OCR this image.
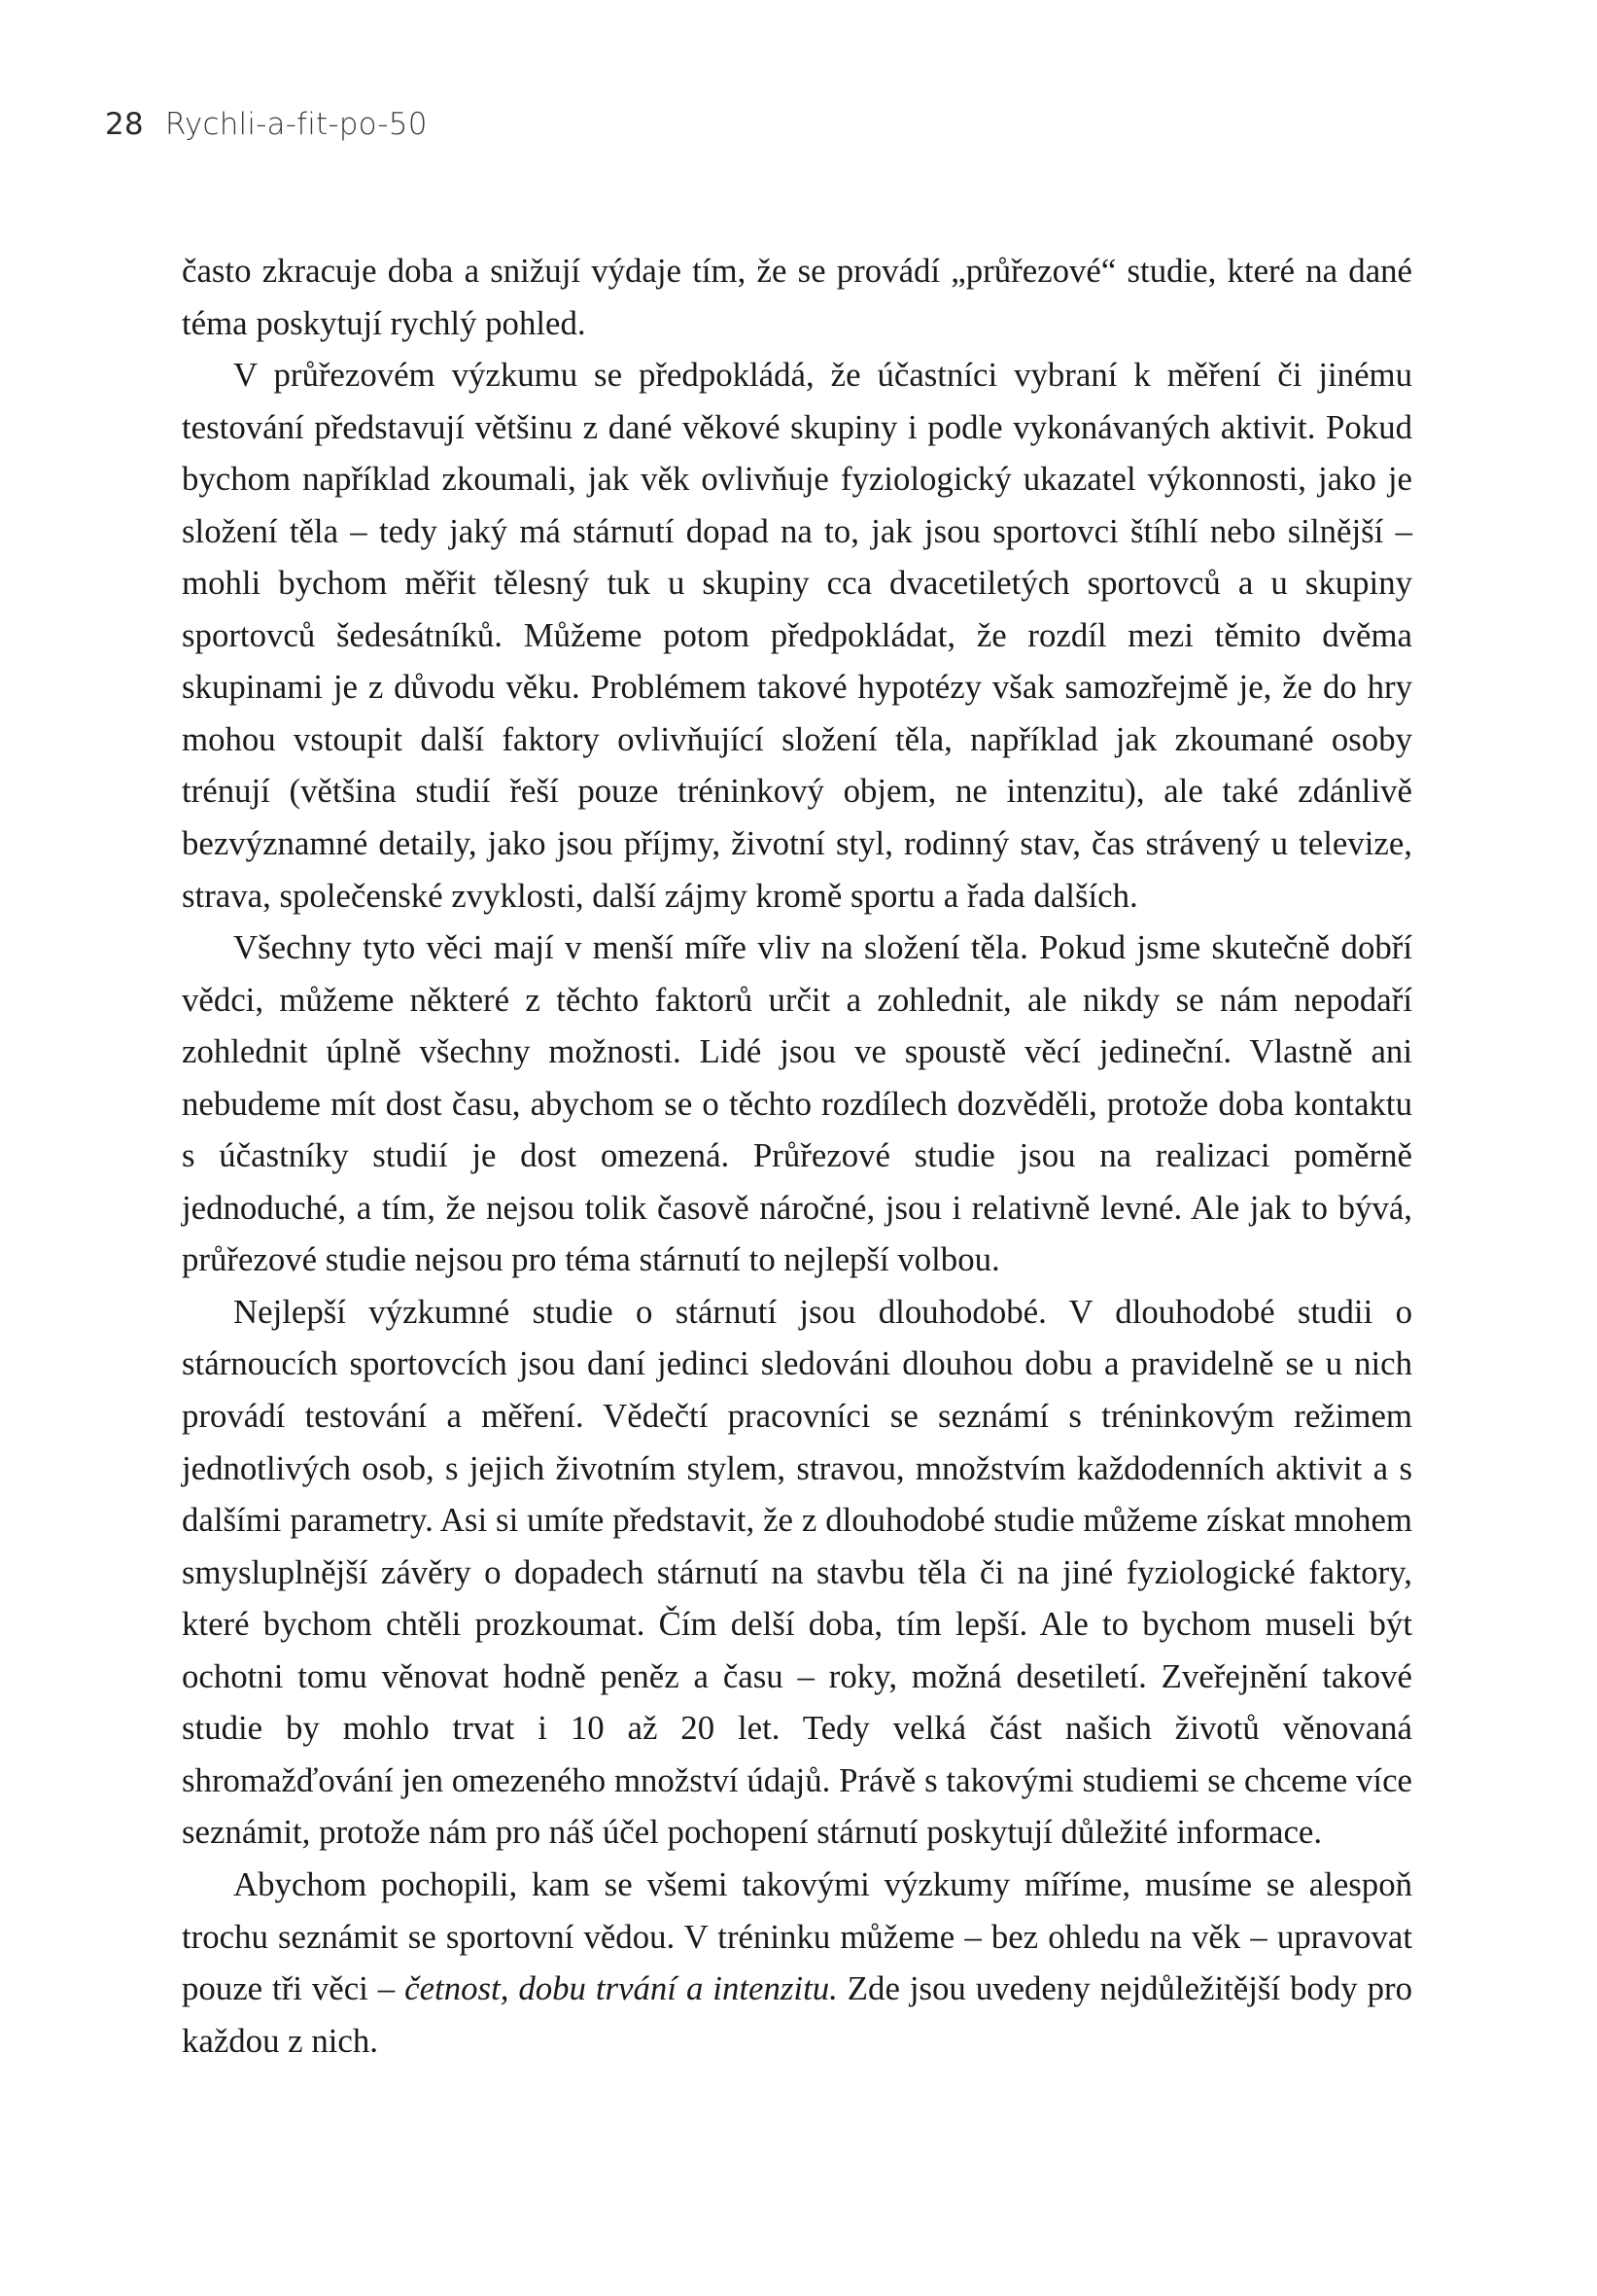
28 Rychli-a-fit-po-50

často zkracuje doba a snižují výdaje tím, že se provádí „průřezové“ studie, které na dané téma poskytují rychlý pohled.

V průřezovém výzkumu se předpokládá, že účastníci vybraní k měření či jinému testování představují většinu z dané věkové skupiny i podle vykonávaných aktivit. Pokud bychom například zkoumali, jak věk ovlivňuje fyziologický ukazatel výkonnosti, jako je složení těla – tedy jaký má stárnutí dopad na to, jak jsou sportovci štíhlí nebo silnější – mohli bychom měřit tělesný tuk u skupiny cca dvacetiletých sportovců a u skupiny sportovců šedesátníků. Můžeme potom předpokládat, že rozdíl mezi těmito dvěma skupinami je z důvodu věku. Problémem takové hypotézy však samozřejmě je, že do hry mohou vstoupit další faktory ovlivňující složení těla, například jak zkoumané osoby trénují (většina studií řeší pouze tréninkový objem, ne intenzitu), ale také zdánlivě bezvýznamné detaily, jako jsou příjmy, životní styl, rodinný stav, čas strávený u televize, strava, společenské zvyklosti, další zájmy kromě sportu a řada dalších.

Všechny tyto věci mají v menší míře vliv na složení těla. Pokud jsme skutečně dobří vědci, můžeme některé z těchto faktorů určit a zohlednit, ale nikdy se nám nepodaří zohlednit úplně všechny možnosti. Lidé jsou ve spoustě věcí jedineční. Vlastně ani nebudeme mít dost času, abychom se o těchto rozdílech dozvěděli, protože doba kontaktu s účastníky studií je dost omezená. Průřezové studie jsou na realizaci poměrně jednoduché, a tím, že nejsou tolik časově náročné, jsou i relativně levné. Ale jak to bývá, průřezové studie nejsou pro téma stárnutí to nejlepší volbou.

Nejlepší výzkumné studie o stárnutí jsou dlouhodobé. V dlouhodobé studii o stárnoucích sportovcích jsou daní jedinci sledováni dlouhou dobu a pravidelně se u nich provádí testování a měření. Vědečtí pracovníci se seznámí s tréninkovým režimem jednotlivých osob, s jejich životním stylem, stravou, množstvím každodenních aktivit a s dalšími parametry. Asi si umíte představit, že z dlouhodobé studie můžeme získat mnohem smysluplnější závěry o dopadech stárnutí na stavbu těla či na jiné fyziologické faktory, které bychom chtěli prozkoumat. Čím delší doba, tím lepší. Ale to bychom museli být ochotni tomu věnovat hodně peněz a času – roky, možná desetiletí. Zveřejnění takové studie by mohlo trvat i 10 až 20 let. Tedy velká část našich životů věnovaná shromažďování jen omezeného množství údajů. Právě s takovými studiemi se chceme více seznámit, protože nám pro náš účel pochopení stárnutí poskytují důležité informace.

Abychom pochopili, kam se všemi takovými výzkumy míříme, musíme se alespoň trochu seznámit se sportovní vědou. V tréninku můžeme – bez ohledu na věk – upravovat pouze tři věci – četnost, dobu trvání a intenzitu. Zde jsou uvedeny nejdůležitější body pro každou z nich.
